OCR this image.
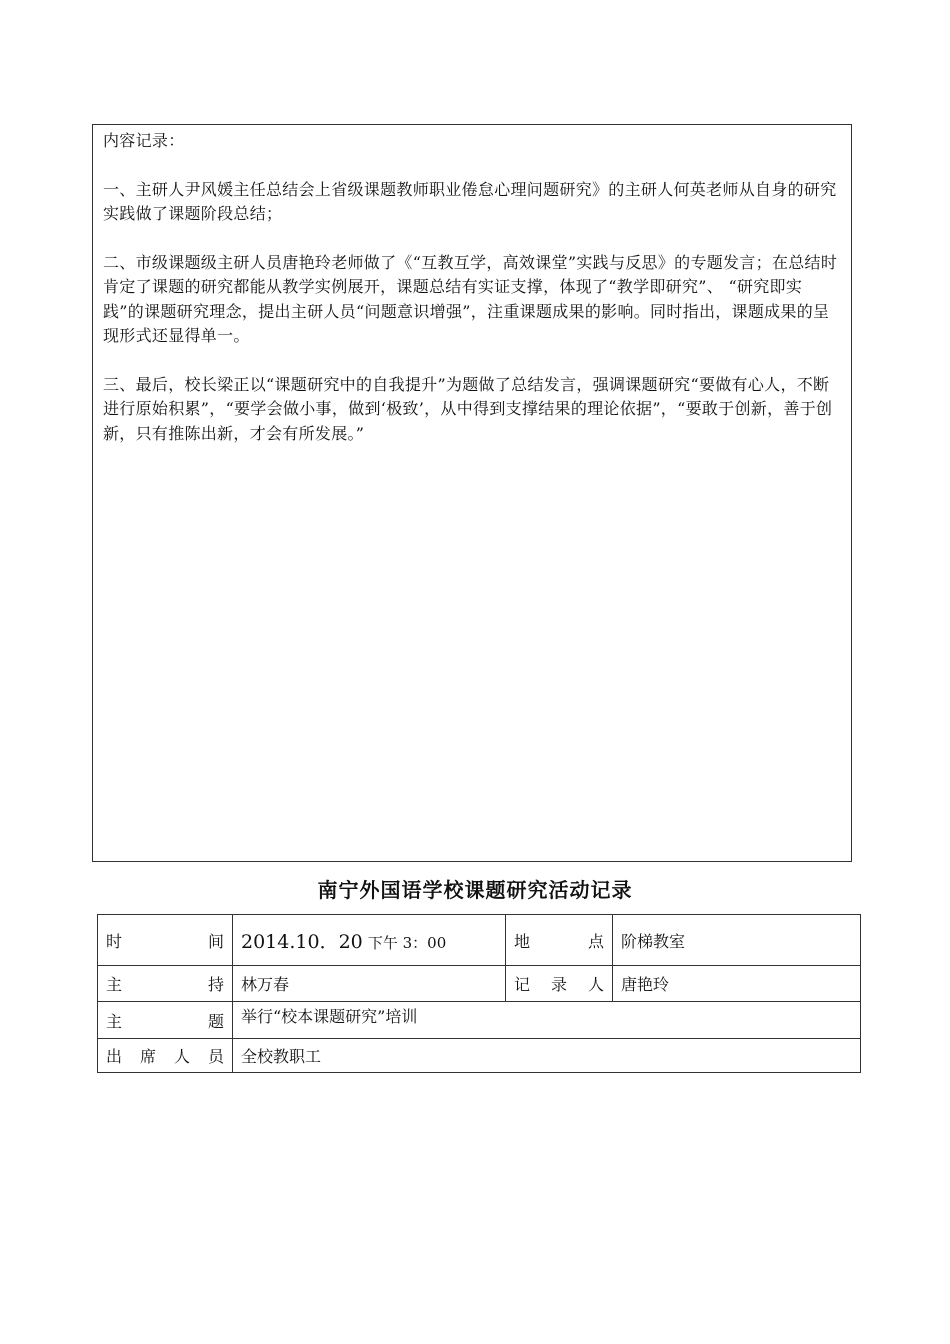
内容记录：

一、主研人尹风媛主任总结会上省级课题教师职业倦怠心理问题研究》的主研人何英老师从自身的研究实践做了课题阶段总结；

二、市级课题级主研人员唐艳玲老师做了《“互教互学，高效课堂”实践与反思》的专题发言；在总结时肯定了课题的研究都能从教学实例展开，课题总结有实证支撑，体现了“教学即研究”、 “研究即实践”的课题研究理念，提出主研人员“问题意识增强”，注重课题成果的影响。同时指出，课题成果的呈现形式还显得单一。

三、最后，校长梁正以“课题研究中的自我提升”为题做了总结发言，强调课题研究“要做有心人，不断进行原始积累”，“要学会做小事，做到‘极致’，从中得到支撑结果的理论依据”，“要敢于创新，善于创新，只有推陈出新，才会有所发展。”

南宁外国语学校课题研究活动记录
时 间	2014.10．20 下午 3：00	地 点	阶梯教室

主 持	林万春	记 录 人	唐艳玲

主 题	举行“校本课题研究”培训		

出 席 人 员	全校教职工		
